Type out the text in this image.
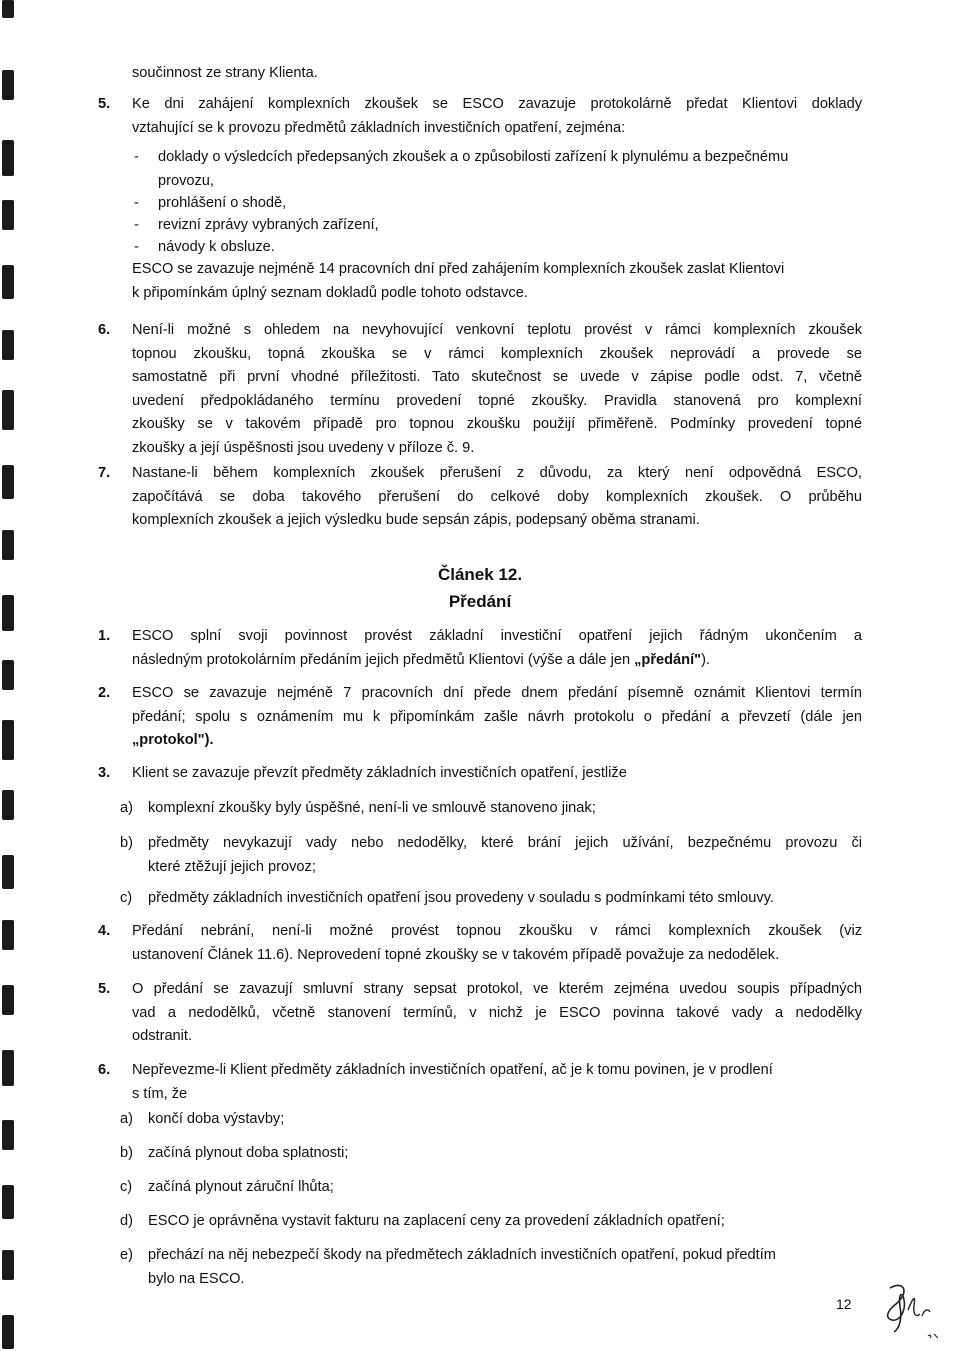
součinnost ze strany Klienta.
5. Ke dni zahájení komplexních zkoušek se ESCO zavazuje protokolárně předat Klientovi doklady
vztahující se k provozu předmětů základních investičních opatření, zejména:
- doklady o výsledcích předepsaných zkoušek a o způsobilosti zařízení k plynulému a bezpečnému
provozu,
- prohlášení o shodě,
- revizní zprávy vybraných zařízení,
- návody k obsluze.
ESCO se zavazuje nejméně 14 pracovních dní před zahájením komplexních zkoušek zaslat Klientovi
k připomínkám úplný seznam dokladů podle tohoto odstavce.
6. Není-li možné s ohledem na nevyhovující venkovní teplotu provést v rámci komplexních zkoušek
topnou zkoušku, topná zkouška se v rámci komplexních zkoušek neprovádí a provede se
samostatně při první vhodné příležitosti. Tato skutečnost se uvede v zápise podle odst. 7, včetně
uvedení předpokládaného termínu provedení topné zkoušky. Pravidla stanovená pro komplexní
zkoušky se v takovém případě pro topnou zkoušku použijí přiměřeně. Podmínky provedení topné
zkoušky a její úspěšnosti jsou uvedeny v příloze č. 9.
7. Nastane-li během komplexních zkoušek přerušení z důvodu, za který není odpovědná ESCO,
započítává se doba takového přerušení do celkové doby komplexních zkoušek. O průběhu
komplexních zkoušek a jejich výsledku bude sepsán zápis, podepsaný oběma stranami.
Článek 12.
Předání
1. ESCO splní svoji povinnost provést základní investiční opatření jejich řádným ukončením a
následným protokolárním předáním jejich předmětů Klientovi (výše a dále jen „předání").
2. ESCO se zavazuje nejméně 7 pracovních dní přede dnem předání písemně oznámit Klientovi termín
předání; spolu s oznámením mu k připomínkám zašle návrh protokolu o předání a převzetí (dále jen
„protokol").
3. Klient se zavazuje převzít předměty základních investičních opatření, jestliže
a) komplexní zkoušky byly úspěšné, není-li ve smlouvě stanoveno jinak;
b) předměty nevykazují vady nebo nedodělky, které brání jejich užívání, bezpečnému provozu či
které ztěžují jejich provoz;
c) předměty základních investičních opatření jsou provedeny v souladu s podmínkami této smlouvy.
4. Předání nebrání, není-li možné provést topnou zkoušku v rámci komplexních zkoušek (viz
ustanovení Článek 11.6). Neprovedení topné zkoušky se v takovém případě považuje za nedodělek.
5. O předání se zavazují smluvní strany sepsat protokol, ve kterém zejména uvedou soupis případných
vad a nedodělků, včetně stanovení termínů, v nichž je ESCO povinna takové vady a nedodělky
odstranit.
6. Nepřevezme-li Klient předměty základních investičních opatření, ač je k tomu povinen, je v prodlení
s tím, že
a) končí doba výstavby;
b) začíná plynout doba splatnosti;
c) začíná plynout záruční lhůta;
d) ESCO je oprávněna vystavit fakturu na zaplacení ceny za provedení základních opatření;
e) přechází na něj nebezpečí škody na předmětech základních investičních opatření, pokud předtím
bylo na ESCO.
12
